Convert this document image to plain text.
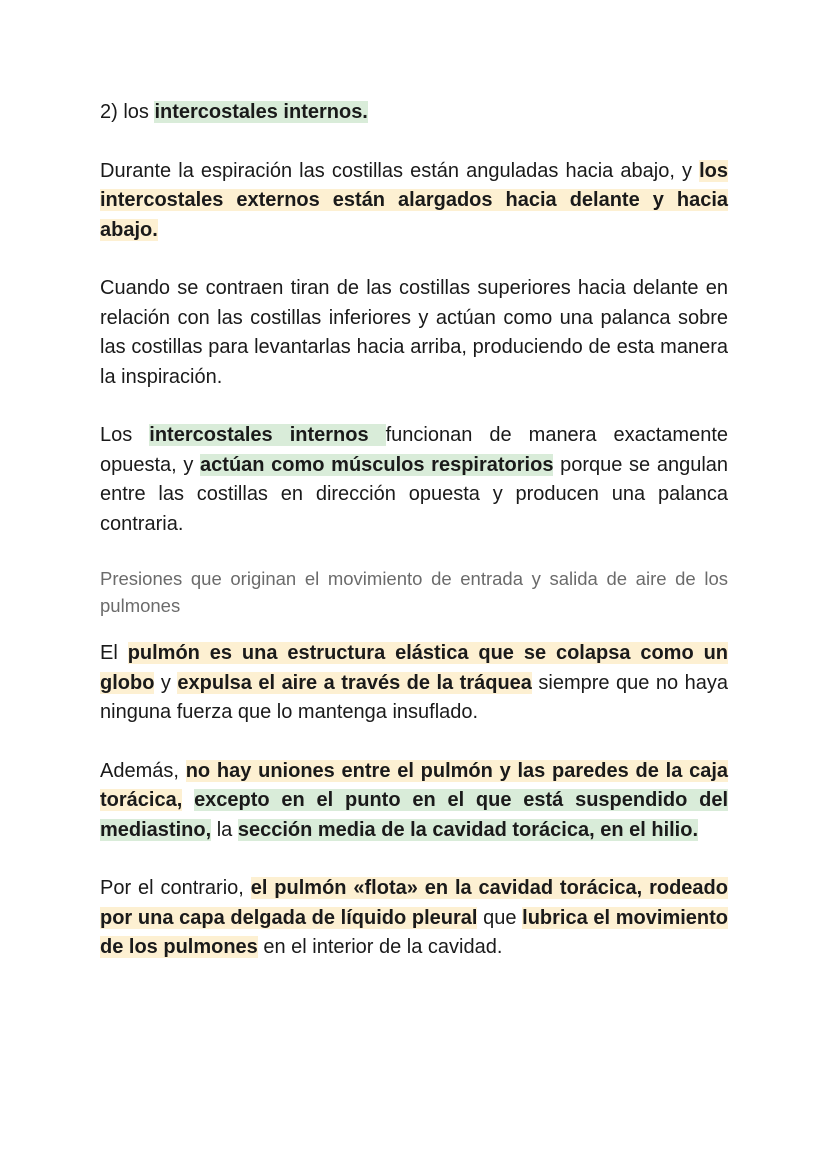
2) los intercostales internos.

Durante la espiración las costillas están anguladas hacia abajo, y los intercostales externos están alargados hacia delante y hacia abajo.

Cuando se contraen tiran de las costillas superiores hacia delante en relación con las costillas inferiores y actúan como una palanca sobre las costillas para levantarlas hacia arriba, produciendo de esta manera la inspiración.

Los intercostales internos funcionan de manera exactamente opuesta, y actúan como músculos respiratorios porque se angulan entre las costillas en dirección opuesta y producen una palanca contraria.

Presiones que originan el movimiento de entrada y salida de aire de los pulmones

El pulmón es una estructura elástica que se colapsa como un globo y expulsa el aire a través de la tráquea siempre que no haya ninguna fuerza que lo mantenga insuflado.

Además, no hay uniones entre el pulmón y las paredes de la caja torácica, excepto en el punto en el que está suspendido del mediastino, la sección media de la cavidad torácica, en el hilio.

Por el contrario, el pulmón «flota» en la cavidad torácica, rodeado por una capa delgada de líquido pleural que lubrica el movimiento de los pulmones en el interior de la cavidad.
